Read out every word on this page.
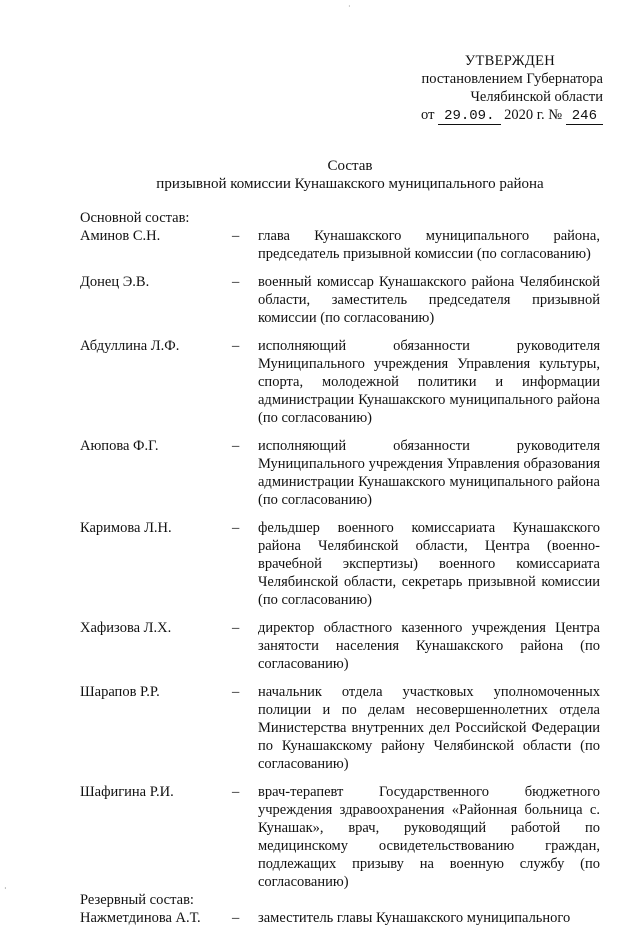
·
УТВЕРЖДЕН
постановлением Губернатора
Челябинской области
от 29.09. 2020 г. № 246
Состав
призывной комиссии Кунашакского муниципального района

Основной состав:

Аминов С.Н.	–	глава Кунашакского муниципального района, председатель призывной комиссии (по согласованию)
Донец Э.В.	–	военный комиссар Кунашакского района Челябинской области, заместитель председателя призывной комиссии (по согласованию)
Абдуллина Л.Ф.	–	исполняющий обязанности руководителя Муниципального учреждения Управления культуры, спорта, молодежной политики и информации администрации Кунашакского муниципального района (по согласованию)
Аюпова Ф.Г.	–	исполняющий обязанности руководителя Муниципального учреждения Управления образования администрации Кунашакского муниципального района (по согласованию)
Каримова Л.Н.	–	фельдшер военного комиссариата Кунашакского района Челябинской области, Центра (военно-врачебной экспертизы) военного комиссариата Челябинской области, секретарь призывной комиссии (по согласованию)
Хафизова Л.Х.	–	директор областного казенного учреждения Центра занятости населения Кунашакского района (по согласованию)
Шарапов Р.Р.	–	начальник отдела участковых уполномоченных полиции и по делам несовершеннолетних отдела Министерства внутренних дел Российской Федерации по Кунашакскому району Челябинской области (по согласованию)
Шафигина Р.И.	–	врач-терапевт Государственного бюджетного учреждения здравоохранения «Районная больница с. Кунашак», врач, руководящий работой по медицинскому освидетельствованию граждан, подлежащих призыву на военную службу (по согласованию)

Резервный состав:

Нажметдинова А.Т.	–	заместитель главы Кунашакского муниципального
·
